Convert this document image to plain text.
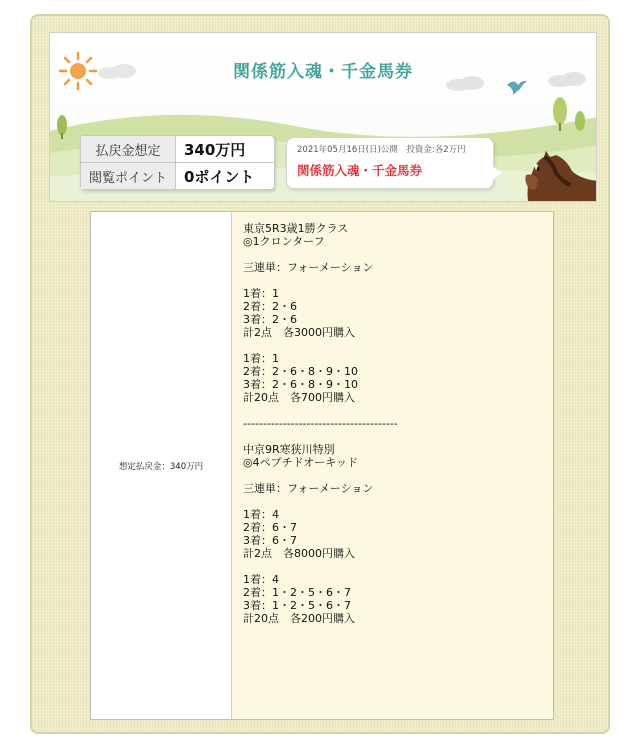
関係筋入魂・千金馬券
払戻金想定	340万円
閲覧ポイント	0ポイント
2021年05月16日(日)公開　投資金:各2万円
関係筋入魂・千金馬券
想定払戻金：340万円
東京5R3歳1勝クラス
◎1クロンターフ
三連単：フォーメーション
1着：1
2着：2・6
3着：2・6
計2点　各3000円購入
1着：1
2着：2・6・8・9・10
3着：2・6・8・9・10
計20点　各700円購入
---------------------------------------
中京9R寒狭川特別
◎4ペプチドオーキッド
三連単：フォーメーション
1着：4
2着：6・7
3着：6・7
計2点　各8000円購入
1着：4
2着：1・2・5・6・7
3着：1・2・5・6・7
計20点　各200円購入
